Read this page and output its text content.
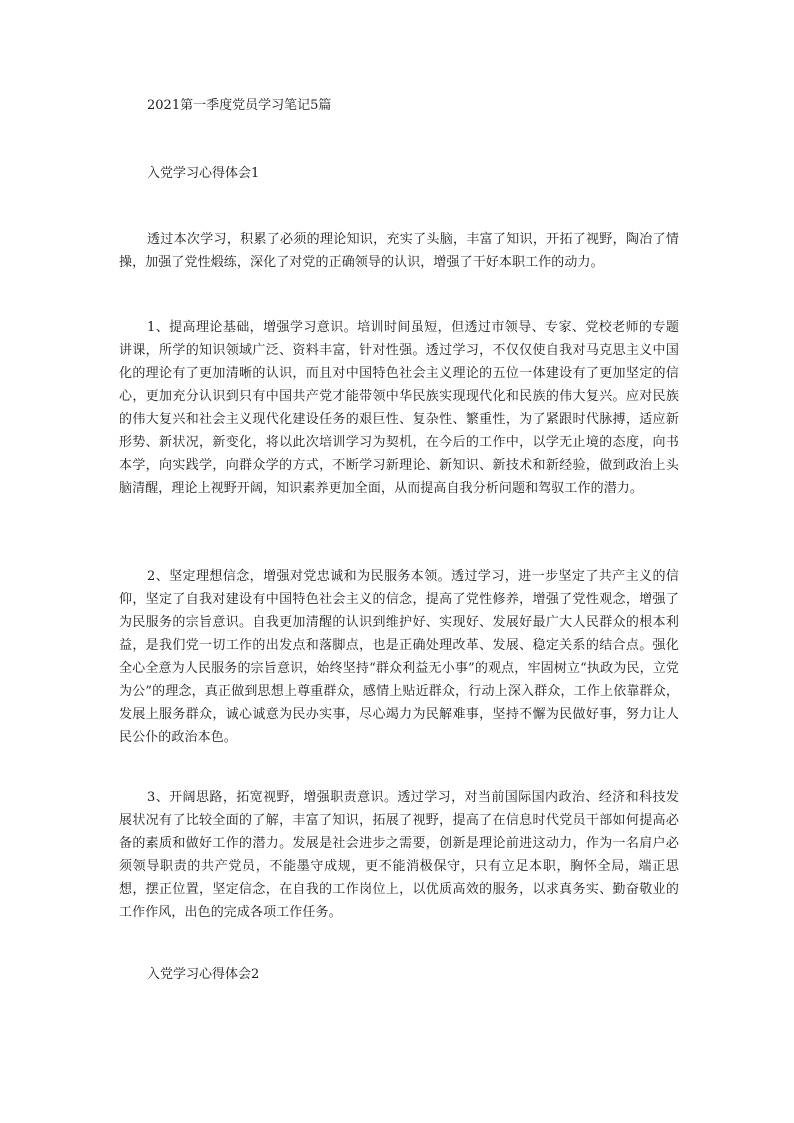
2021第一季度党员学习笔记5篇
入党学习心得体会1

透过本次学习，积累了必须的理论知识，充实了头脑，丰富了知识，开拓了视野，陶冶了情操，加强了党性煅练，深化了对党的正确领导的认识，增强了干好本职工作的动力。

1、提高理论基础，增强学习意识。培训时间虽短，但透过市领导、专家、党校老师的专题讲课，所学的知识领域广泛、资料丰富，针对性强。透过学习，不仅仅使自我对马克思主义中国化的理论有了更加清晰的认识，而且对中国特色社会主义理论的五位一体建设有了更加坚定的信心，更加充分认识到只有中国共产党才能带领中华民族实现现代化和民族的伟大复兴。应对民族的伟大复兴和社会主义现代化建设任务的艰巨性、复杂性、繁重性，为了紧跟时代脉搏，适应新形势、新状况，新变化，将以此次培训学习为契机，在今后的工作中，以学无止境的态度，向书本学，向实践学，向群众学的方式，不断学习新理论、新知识、新技术和新经验，做到政治上头脑清醒，理论上视野开阔，知识素养更加全面，从而提高自我分析问题和驾驭工作的潜力。

2、坚定理想信念，增强对党忠诚和为民服务本领。透过学习，进一步坚定了共产主义的信仰，坚定了自我对建设有中国特色社会主义的信念，提高了党性修养，增强了党性观念，增强了为民服务的宗旨意识。自我更加清醒的认识到维护好、实现好、发展好最广大人民群众的根本利益，是我们党一切工作的出发点和落脚点，也是正确处理改革、发展、稳定关系的结合点。强化全心全意为人民服务的宗旨意识，始终坚持“群众利益无小事”的观点，牢固树立“执政为民，立党为公”的理念，真正做到思想上尊重群众，感情上贴近群众，行动上深入群众，工作上依靠群众，发展上服务群众，诚心诚意为民办实事，尽心竭力为民解难事，坚持不懈为民做好事，努力让人民公仆的政治本色。

3、开阔思路，拓宽视野，增强职责意识。透过学习，对当前国际国内政治、经济和科技发展状况有了比较全面的了解，丰富了知识，拓展了视野，提高了在信息时代党员干部如何提高必备的素质和做好工作的潜力。发展是社会进步之需要，创新是理论前进这动力，作为一名肩户必须领导职责的共产党员，不能墨守成规，更不能消极保守，只有立足本职，胸怀全局，端正思想，摆正位置，坚定信念，在自我的工作岗位上，以优质高效的服务，以求真务实、勤奋敬业的工作作风，出色的完成各项工作任务。

入党学习心得体会2
